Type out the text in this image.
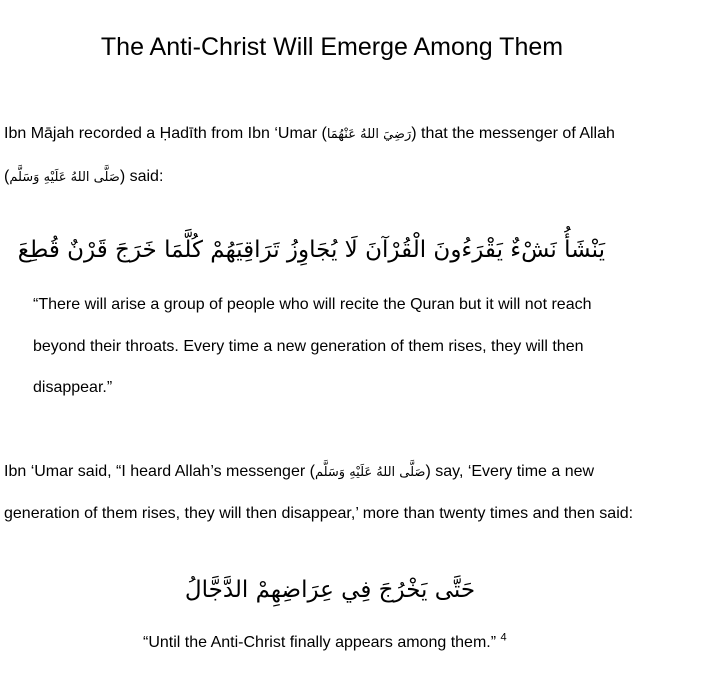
The Anti-Christ Will Emerge Among Them
Ibn Mājah recorded a Ḥadīth from Ibn ‘Umar (رَضِيَ اللهُ عَنْهُمَا) that the messenger of Allah
(صَلَّى اللهُ عَلَيْهِ وَسَلَّم) said:
يَنْشَأُ نَشْءٌ يَقْرَءُونَ الْقُرْآنَ لَا يُجَاوِزُ تَرَاقِيَهُمْ كُلَّمَا خَرَجَ قَرْنٌ قُطِعَ
“There will arise a group of people who will recite the Quran but it will not reach
beyond their throats. Every time a new generation of them rises, they will then
disappear.”
Ibn ‘Umar said, “I heard Allah’s messenger (صَلَّى اللهُ عَلَيْهِ وَسَلَّم) say, ‘Every time a new
generation of them rises, they will then disappear,’ more than twenty times and then said:
حَتَّى يَخْرُجَ فِي عِرَاضِهِمْ الدَّجَّالُ
“Until the Anti-Christ finally appears among them.” $^4$
